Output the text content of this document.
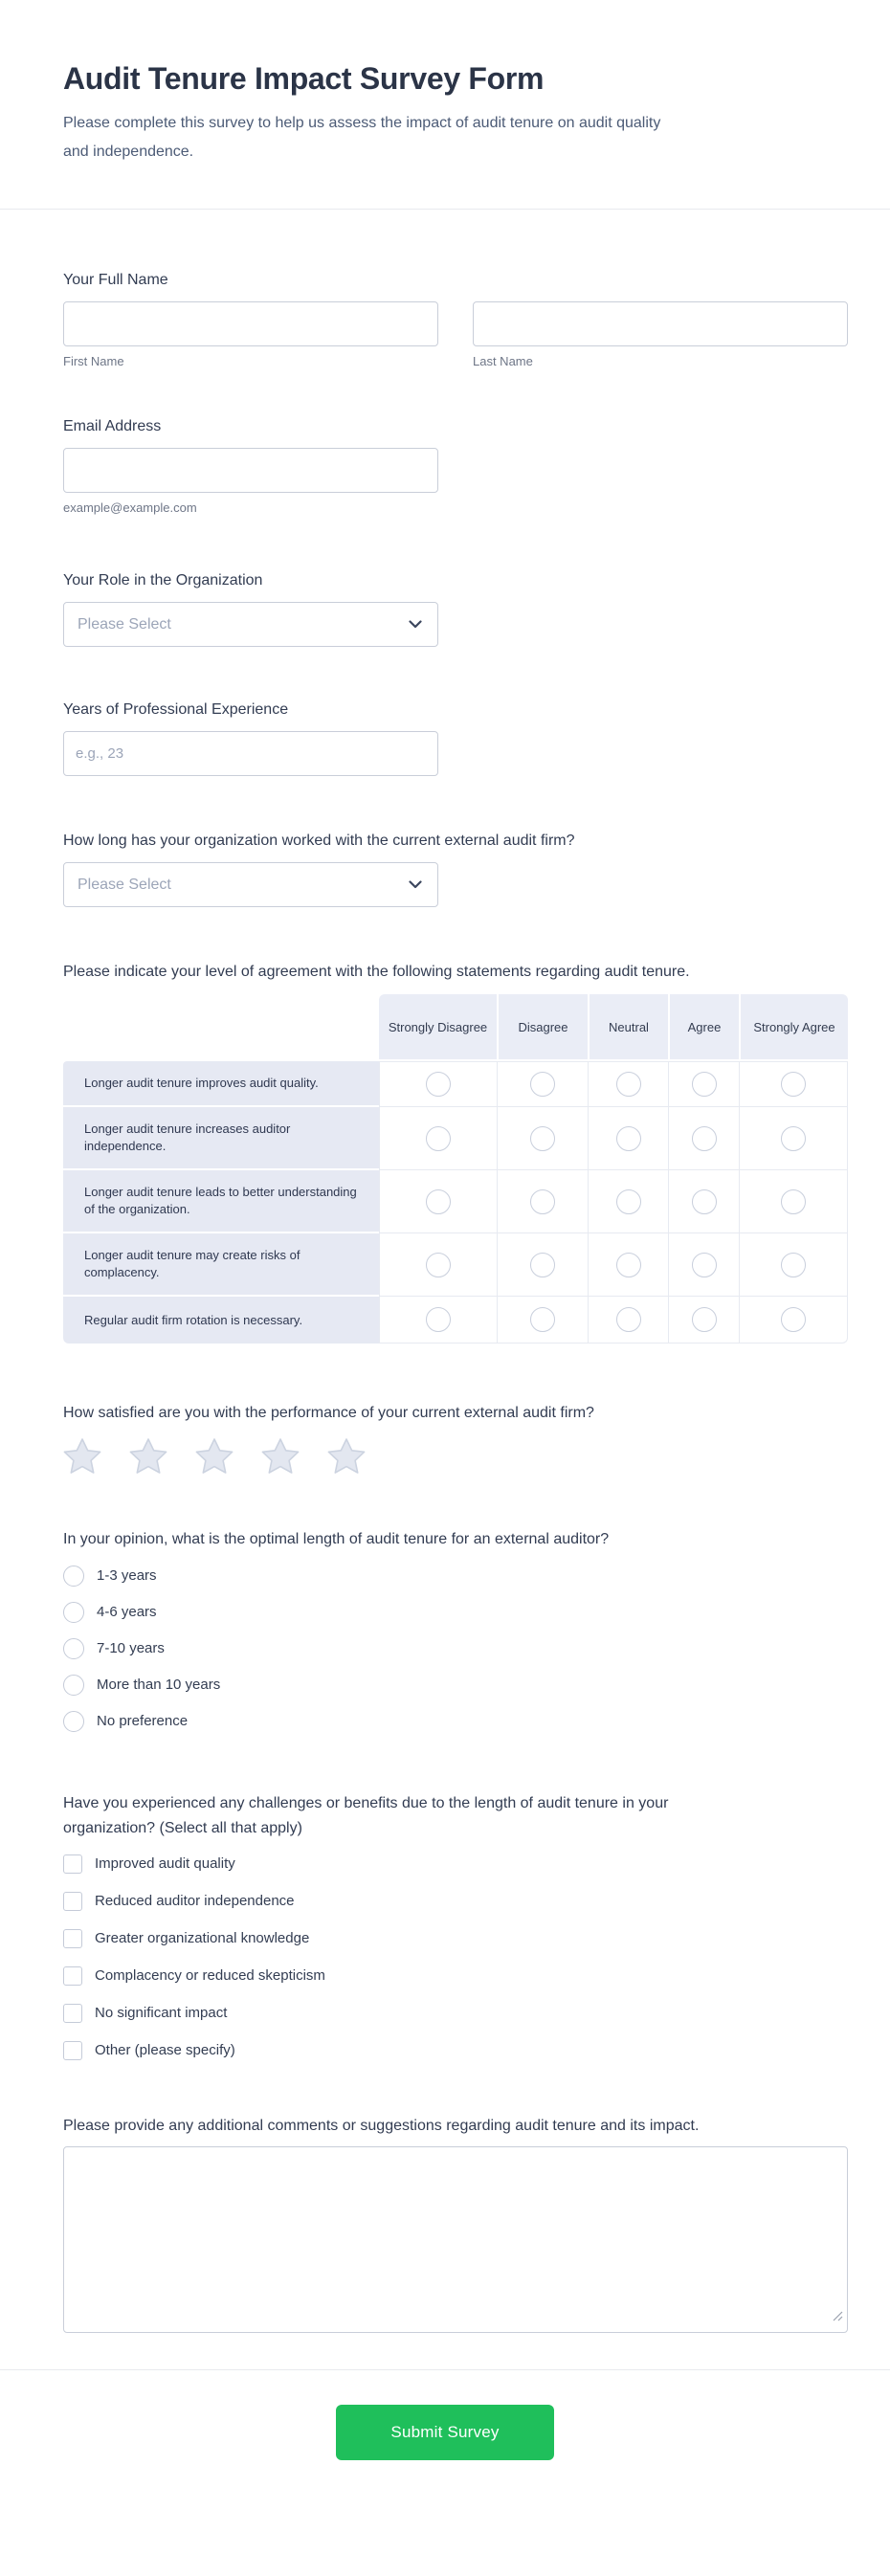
Audit Tenure Impact Survey Form
Please complete this survey to help us assess the impact of audit tenure on audit quality and independence.
Your Full Name
First Name	Last Name
Email Address
example@example.com
Your Role in the Organization
Please Select
Years of Professional Experience
e.g., 23
How long has your organization worked with the current external audit firm?
Please Select
Please indicate your level of agreement with the following statements regarding audit tenure.
	Strongly Disagree	Disagree	Neutral	Agree	Strongly Agree
Longer audit tenure improves audit quality.					
Longer audit tenure increases auditor independence.					
Longer audit tenure leads to better understanding of the organization.					
Longer audit tenure may create risks of complacency.					
Regular audit firm rotation is necessary.					
How satisfied are you with the performance of your current external audit firm?
In your opinion, what is the optimal length of audit tenure for an external auditor?
1-3 years
4-6 years
7-10 years
More than 10 years
No preference
Have you experienced any challenges or benefits due to the length of audit tenure in your organization? (Select all that apply)
Improved audit quality
Reduced auditor independence
Greater organizational knowledge
Complacency or reduced skepticism
No significant impact
Other (please specify)
Please provide any additional comments or suggestions regarding audit tenure and its impact.
Submit Survey
